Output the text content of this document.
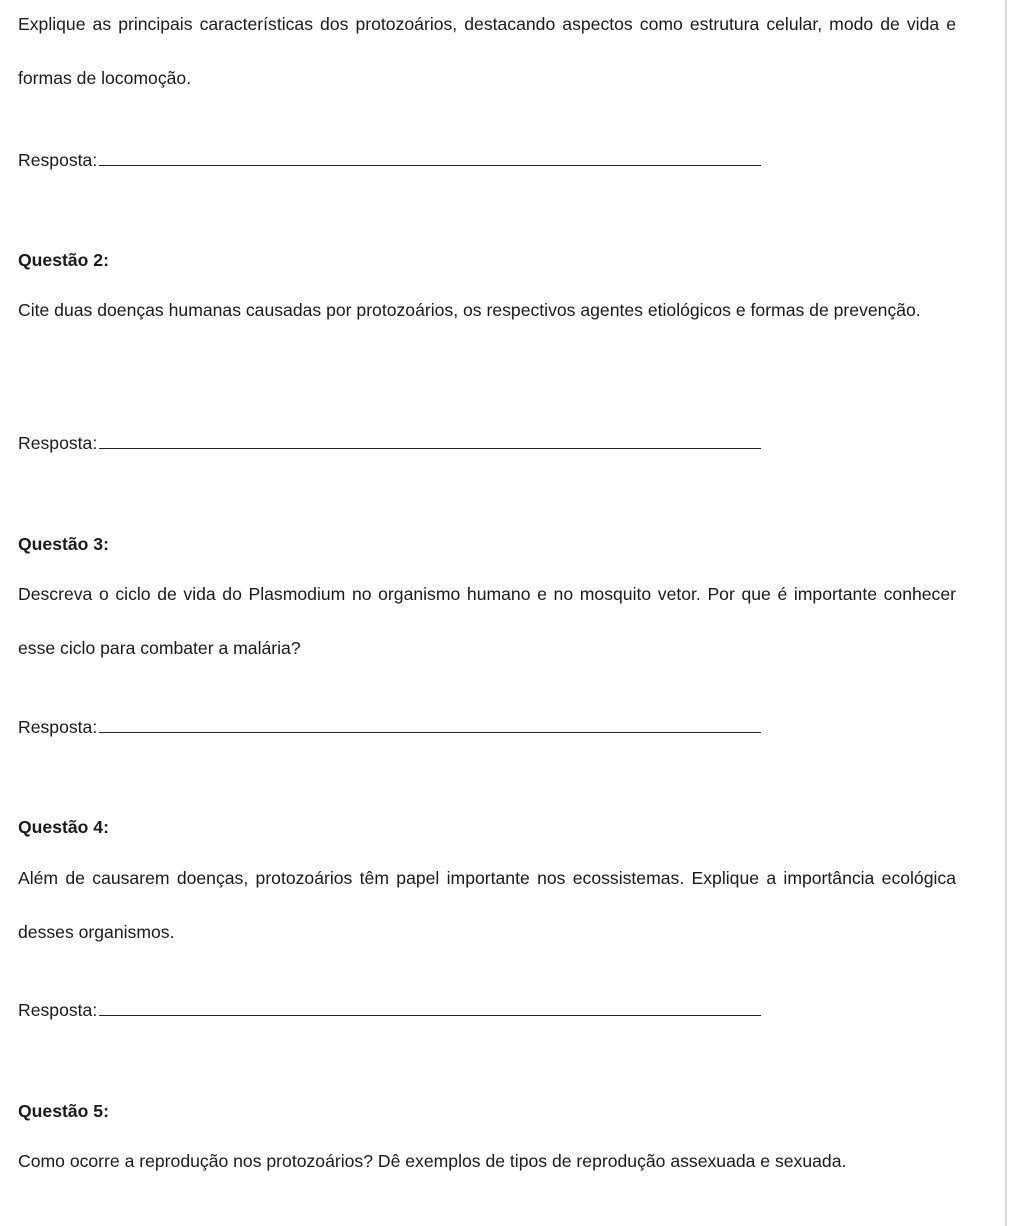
Explique as principais características dos protozoários, destacando aspectos como estrutura celular, modo de vida e formas de locomoção.

Resposta:

Questão 2:

Cite duas doenças humanas causadas por protozoários, os respectivos agentes etiológicos e formas de prevenção.

Resposta:

Questão 3:

Descreva o ciclo de vida do Plasmodium no organismo humano e no mosquito vetor. Por que é importante conhecer esse ciclo para combater a malária?

Resposta:

Questão 4:

Além de causarem doenças, protozoários têm papel importante nos ecossistemas. Explique a importância ecológica desses organismos.

Resposta:

Questão 5:

Como ocorre a reprodução nos protozoários? Dê exemplos de tipos de reprodução assexuada e sexuada.
